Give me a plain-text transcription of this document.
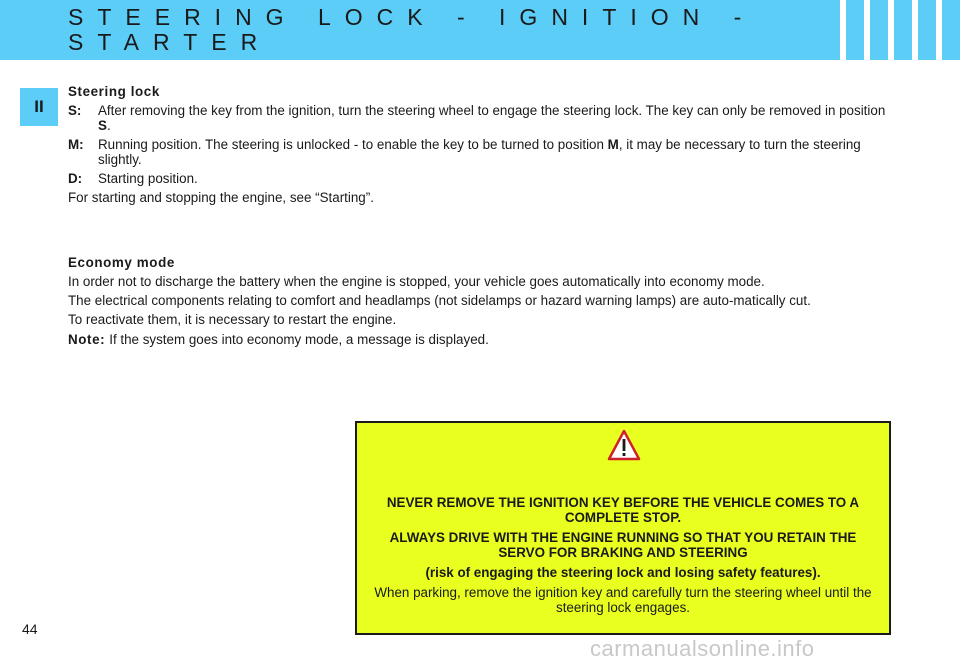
STEERING LOCK - IGNITION - STARTER
II
Steering lock
S:	After removing the key from the ignition, turn the steering wheel to engage the steering lock. The key can only be removed in position S.
M:	Running position. The steering is unlocked - to enable the key to be turned to position M, it may be necessary to turn the steering slightly.
D:	Starting position.
For starting and stopping the engine, see “Starting”.
Economy mode
In order not to discharge the battery when the engine is stopped, your vehicle goes automatically into economy mode.
The electrical components relating to comfort and headlamps (not sidelamps or hazard warning lamps) are auto-matically cut.
To reactivate them, it is necessary to restart the engine.
Note: If the system goes into economy mode, a message is displayed.

NEVER REMOVE THE IGNITION KEY BEFORE THE VEHICLE COMES TO A COMPLETE STOP.

ALWAYS DRIVE WITH THE ENGINE RUNNING SO THAT YOU RETAIN THE SERVO FOR BRAKING AND STEERING

(risk of engaging the steering lock and losing safety features).

When parking, remove the ignition key and carefully turn the steering wheel until the steering lock engages.

44
carmanualsonline.info
